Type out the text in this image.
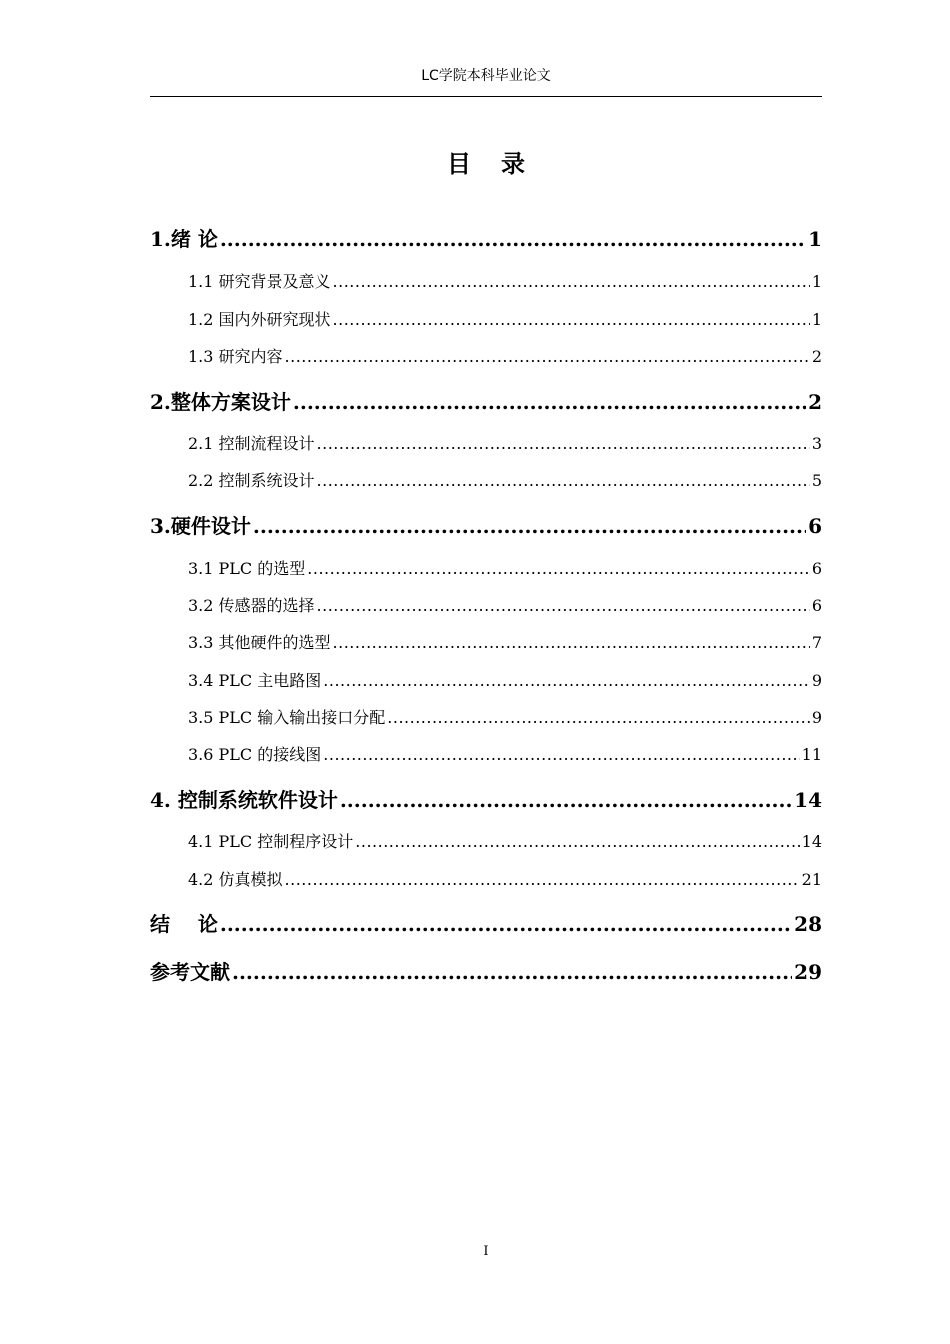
LC学院本科毕业论文
目 录
1.绪 论 .....	1
1.1 研究背景及意义 .....	1
1.2 国内外研究现状 .....	1
1.3 研究内容 .....	2
2.整体方案设计 .....	2
2.1 控制流程设计 .....	3
2.2 控制系统设计 .....	5
3.硬件设计 .....	6
3.1 PLC 的选型 .....	6
3.2 传感器的选择 .....	6
3.3 其他硬件的选型 .....	7
3.4 PLC 主电路图 .....	9
3.5 PLC 输入输出接口分配 .....	9
3.6 PLC 的接线图 .....	11
4. 控制系统软件设计 .....	14
4.1 PLC 控制程序设计 .....	14
4.2 仿真模拟 .....	21
结    论 .....	28
参考文献 .....	29
I
